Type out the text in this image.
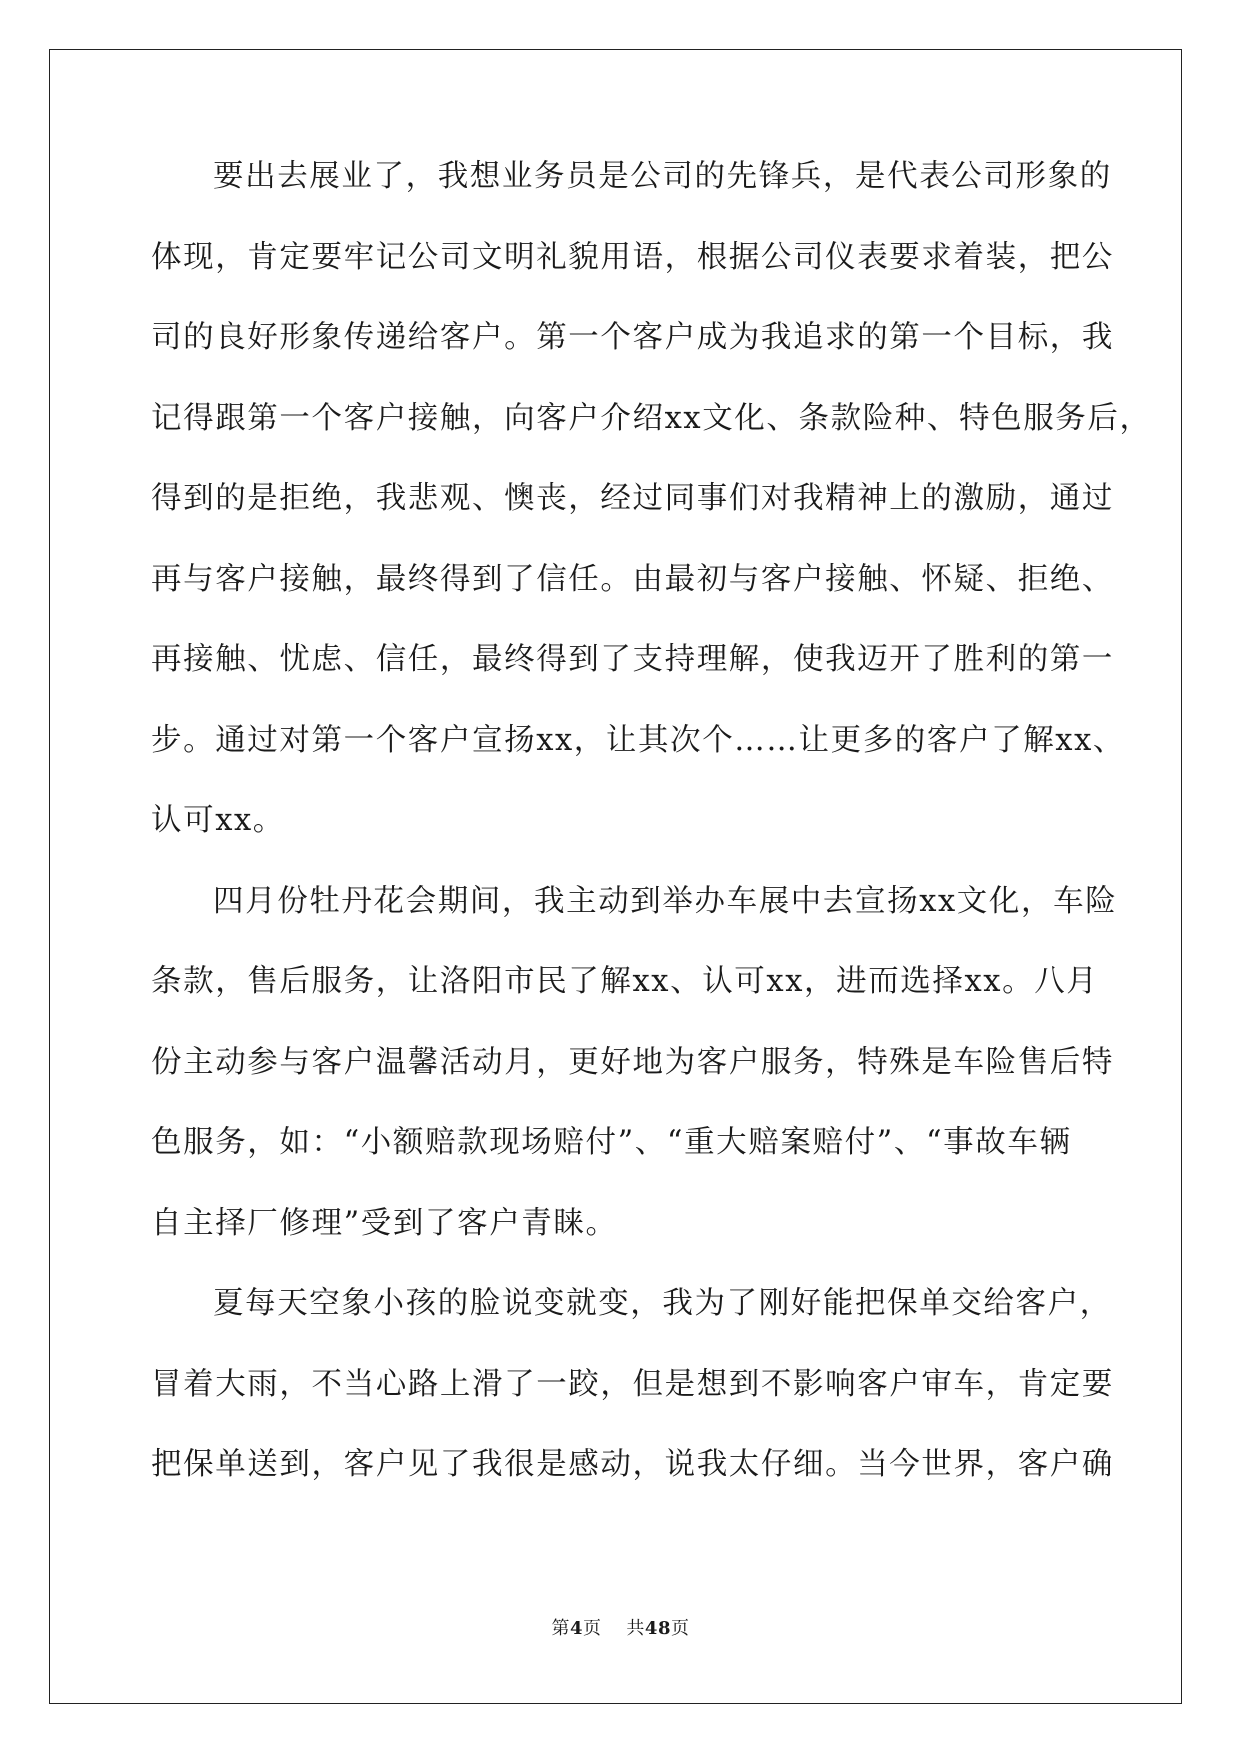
要出去展业了，我想业务员是公司的先锋兵，是代表公司形象的
体现，肯定要牢记公司文明礼貌用语，根据公司仪表要求着装，把公
司的良好形象传递给客户。第一个客户成为我追求的第一个目标，我
记得跟第一个客户接触，向客户介绍xx文化、条款险种、特色服务后，
得到的是拒绝，我悲观、懊丧，经过同事们对我精神上的激励，通过
再与客户接触，最终得到了信任。由最初与客户接触、怀疑、拒绝、
再接触、忧虑、信任，最终得到了支持理解，使我迈开了胜利的第一
步。通过对第一个客户宣扬xx，让其次个……让更多的客户了解xx、
认可xx。
四月份牡丹花会期间，我主动到举办车展中去宣扬xx文化，车险
条款，售后服务，让洛阳市民了解xx、认可xx，进而选择xx。八月
份主动参与客户温馨活动月，更好地为客户服务，特殊是车险售后特
色服务，如：“小额赔款现场赔付”、“重大赔案赔付”、“事故车辆
自主择厂修理”受到了客户青睐。
夏每天空象小孩的脸说变就变，我为了刚好能把保单交给客户，
冒着大雨，不当心路上滑了一跤，但是想到不影响客户审车，肯定要
把保单送到，客户见了我很是感动，说我太仔细。当今世界，客户确
第4页 共48页
